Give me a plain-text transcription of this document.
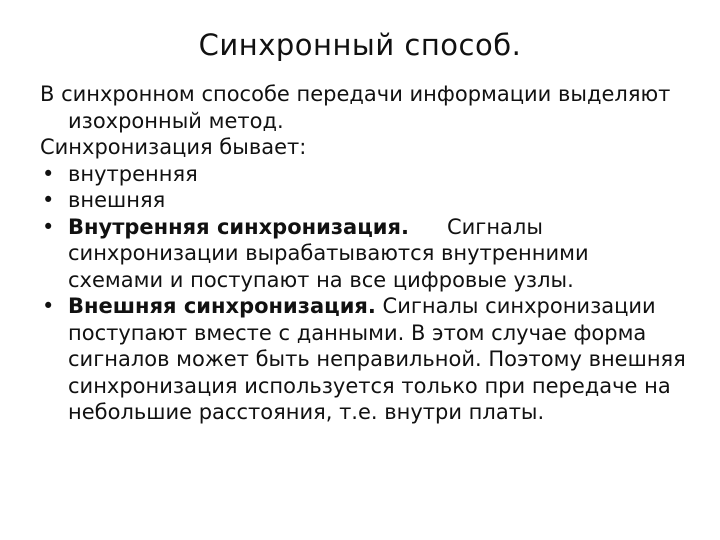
Синхронный способ.

В синхронном способе передачи информации выделяют изохронный метод.

Синхронизация бывает:

• внутренняя
• внешняя
• Внутренняя синхронизация. Сигналы синхронизации вырабатываются внутренними схемами и поступают на все цифровые узлы.
• Внешняя синхронизация. Сигналы синхронизации поступают вместе с данными. В этом случае форма сигналов может быть неправильной. Поэтому внешняя синхронизация используется только при передаче на небольшие расстояния, т.е. внутри платы.
